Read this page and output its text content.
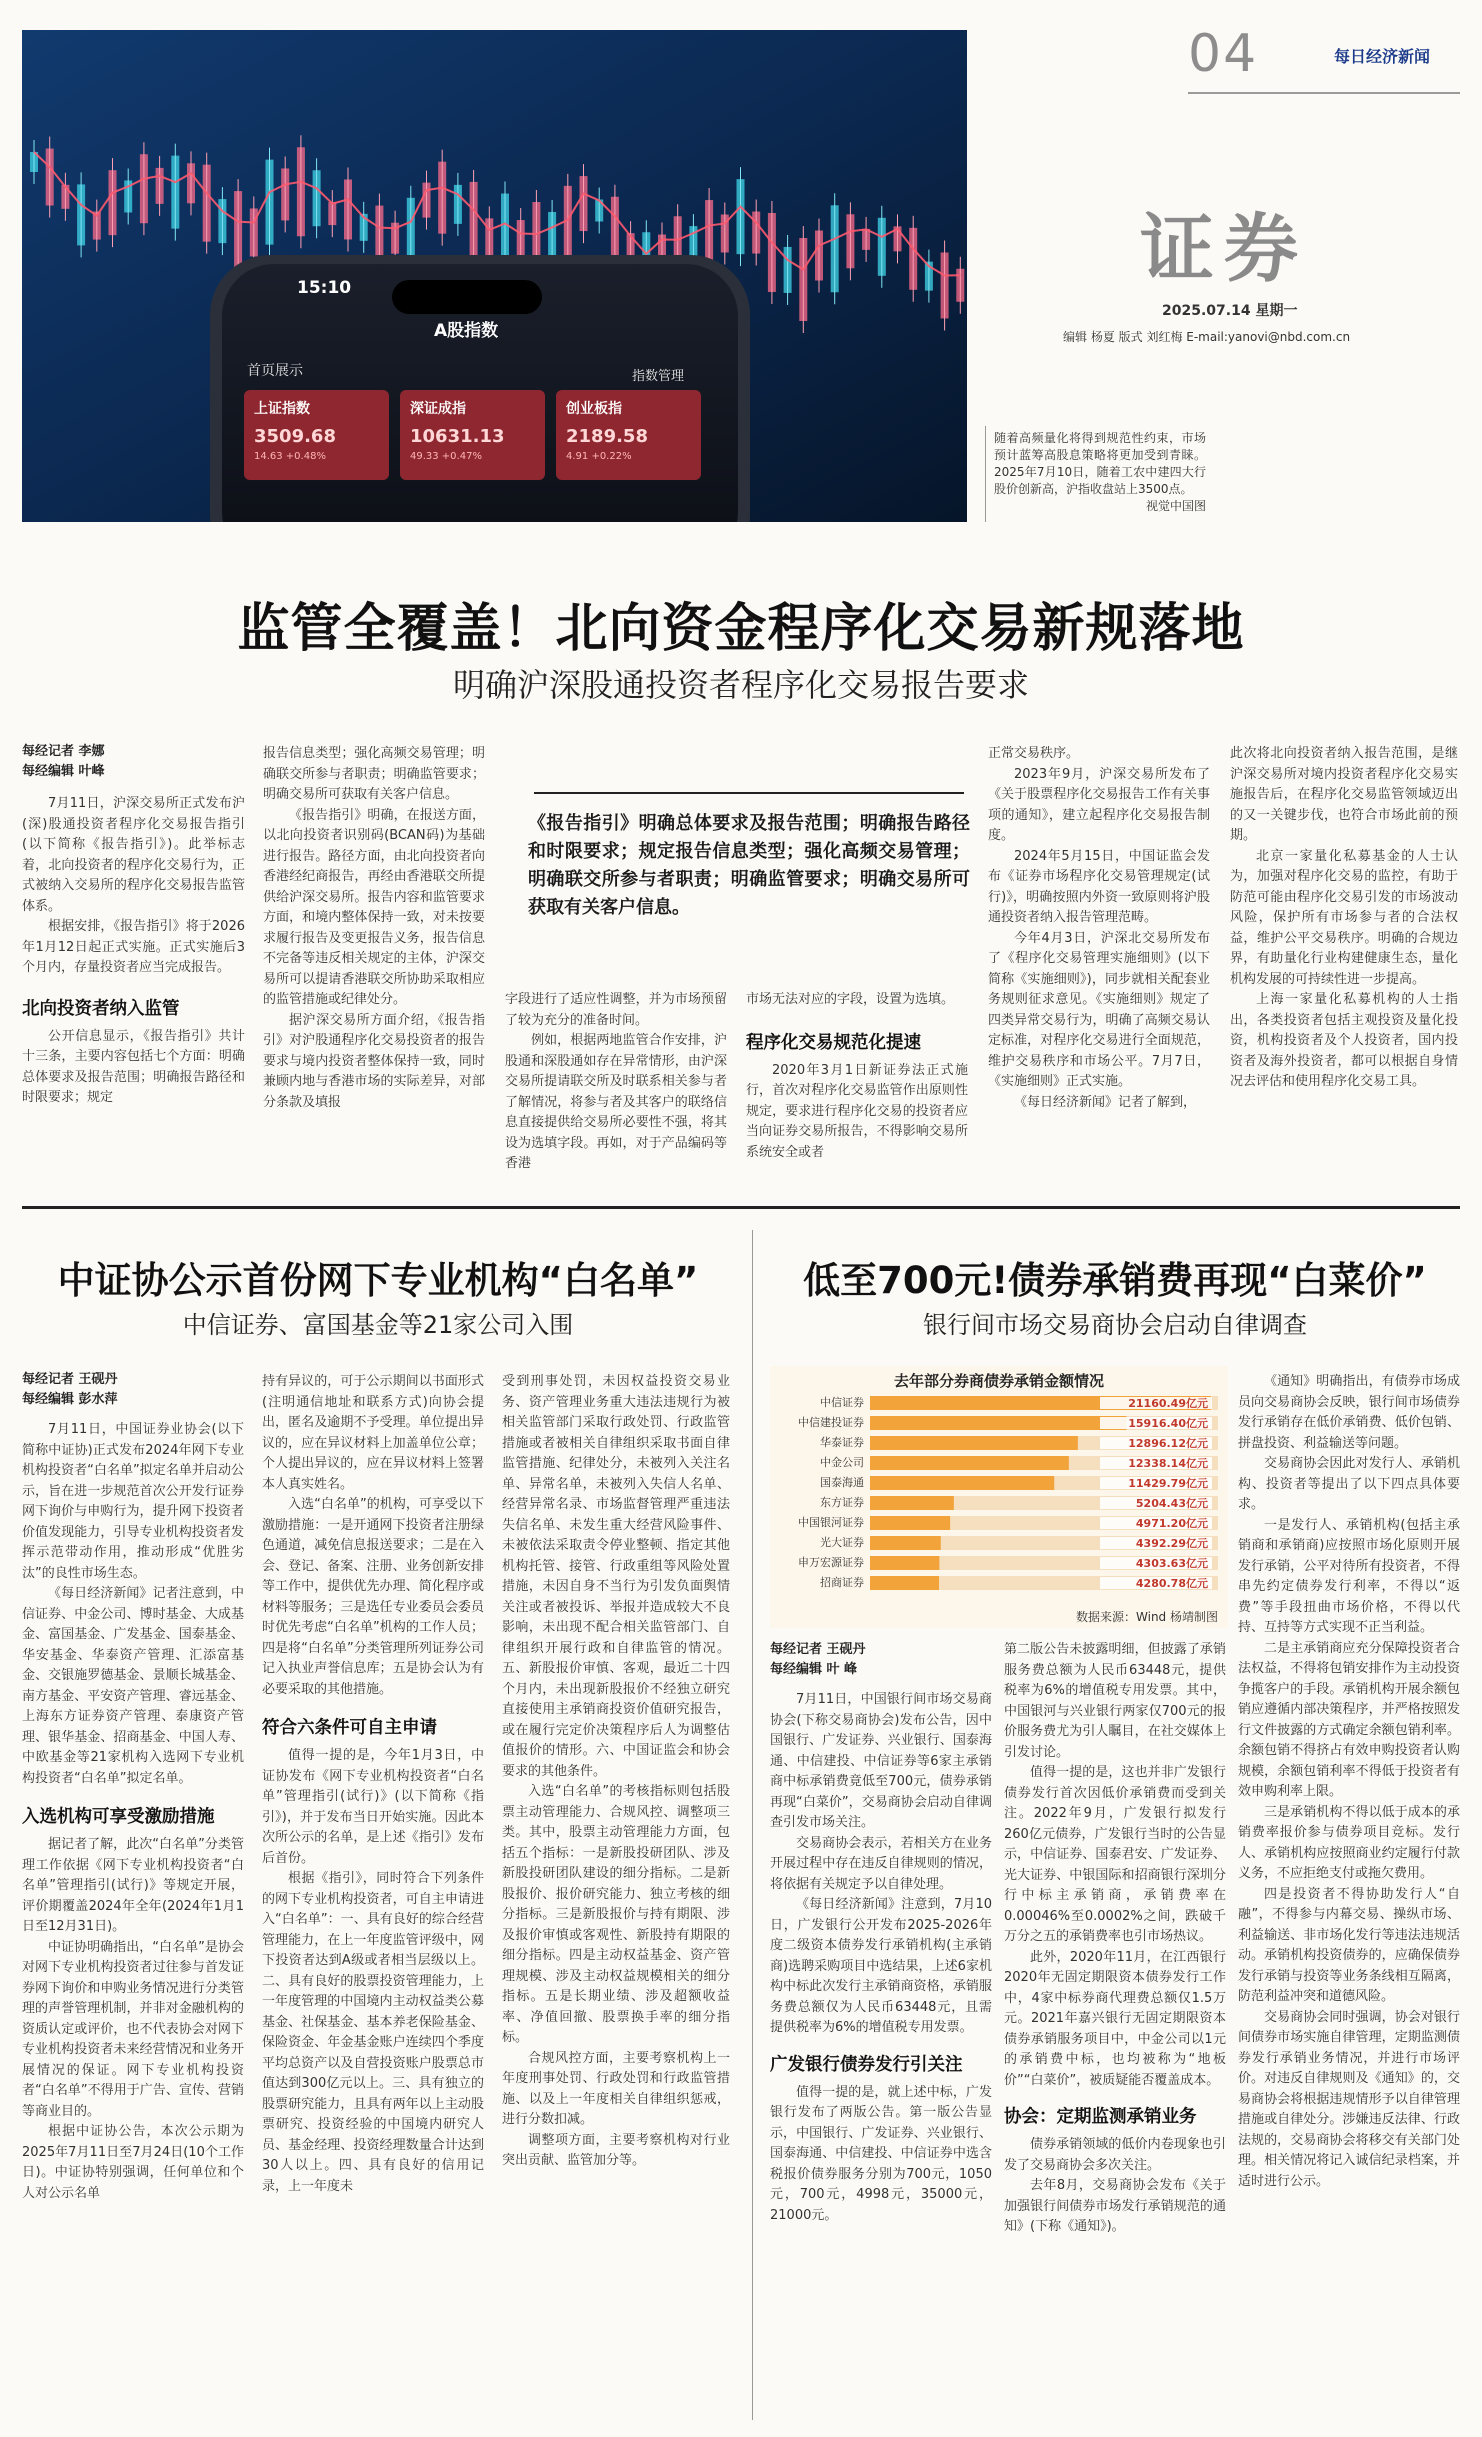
15:10
A股指数
首页展示	指数管理
上证指数
3509.68
14.63 +0.48%
深证成指
10631.13
49.33 +0.47%
创业板指
2189.58
4.91 +0.22%
04	每日经济新闻
证券
2025.07.14 星期一
编辑 杨夏 版式 刘红梅 E-mail:yanovi@nbd.com.cn
随着高频量化将得到规范性约束，市场预计蓝筹高股息策略将更加受到青睐。2025年7月10日，随着工农中建四大行股价创新高，沪指收盘站上3500点。
视觉中国图
监管全覆盖！北向资金程序化交易新规落地
明确沪深股通投资者程序化交易报告要求

每经记者 李娜

每经编辑 叶峰

7月11日，沪深交易所正式发布沪(深)股通投资者程序化交易报告指引(以下简称《报告指引》)。此举标志着，北向投资者的程序化交易行为，正式被纳入交易所的程序化交易报告监管体系。

根据安排，《报告指引》将于2026年1月12日起正式实施。正式实施后3个月内，存量投资者应当完成报告。

北向投资者纳入监管

公开信息显示，《报告指引》共计十三条，主要内容包括七个方面：明确总体要求及报告范围；明确报告路径和时限要求；规定

报告信息类型；强化高频交易管理；明确联交所参与者职责；明确监管要求；明确交易所可获取有关客户信息。

《报告指引》明确，在报送方面，以北向投资者识别码(BCAN码)为基础进行报告。路径方面，由北向投资者向香港经纪商报告，再经由香港联交所提供给沪深交易所。报告内容和监管要求方面，和境内整体保持一致，对未按要求履行报告及变更报告义务，报告信息不完备等违反相关规定的主体，沪深交易所可以提请香港联交所协助采取相应的监管措施或纪律处分。

据沪深交易所方面介绍，《报告指引》对沪股通程序化交易投资者的报告要求与境内投资者整体保持一致，同时兼顾内地与香港市场的实际差异，对部分条款及填报

《报告指引》明确总体要求及报告范围；明确报告路径和时限要求；规定报告信息类型；强化高频交易管理；明确联交所参与者职责；明确监管要求；明确交易所可获取有关客户信息。

字段进行了适应性调整，并为市场预留了较为充分的准备时间。

例如，根据两地监管合作安排，沪股通和深股通如存在异常情形，由沪深交易所提请联交所及时联系相关参与者了解情况，将参与者及其客户的联络信息直接提供给交易所必要性不强，将其设为选填字段。再如，对于产品编码等香港

市场无法对应的字段，设置为选填。

程序化交易规范化提速

2020年3月1日新证券法正式施行，首次对程序化交易监管作出原则性规定，要求进行程序化交易的投资者应当向证券交易所报告，不得影响交易所系统安全或者

正常交易秩序。

2023年9月，沪深交易所发布了《关于股票程序化交易报告工作有关事项的通知》，建立起程序化交易报告制度。

2024年5月15日，中国证监会发布《证券市场程序化交易管理规定(试行)》，明确按照内外资一致原则将沪股通投资者纳入报告管理范畴。

今年4月3日，沪深北交易所发布了《程序化交易管理实施细则》(以下简称《实施细则》)，同步就相关配套业务规则征求意见。《实施细则》规定了四类异常交易行为，明确了高频交易认定标准，对程序化交易进行全面规范，维护交易秩序和市场公平。7月7日，《实施细则》正式实施。

《每日经济新闻》记者了解到，

此次将北向投资者纳入报告范围，是继沪深交易所对境内投资者程序化交易实施报告后，在程序化交易监管领域迈出的又一关键步伐，也符合市场此前的预期。

北京一家量化私募基金的人士认为，加强对程序化交易的监控，有助于防范可能由程序化交易引发的市场波动风险，保护所有市场参与者的合法权益，维护公平交易秩序。明确的合规边界，有助量化行业构建健康生态，量化机构发展的可持续性进一步提高。

上海一家量化私募机构的人士指出，各类投资者包括主观投资及量化投资，机构投资者及个人投资者，国内投资者及海外投资者，都可以根据自身情况去评估和使用程序化交易工具。

中证协公示首份网下专业机构“白名单”
中信证券、富国基金等21家公司入围

每经记者 王砚丹

每经编辑 彭水萍

7月11日，中国证券业协会(以下简称中证协)正式发布2024年网下专业机构投资者“白名单”拟定名单并启动公示，旨在进一步规范首次公开发行证券网下询价与申购行为，提升网下投资者价值发现能力，引导专业机构投资者发挥示范带动作用，推动形成“优胜劣汰”的良性市场生态。

《每日经济新闻》记者注意到，中信证券、中金公司、博时基金、大成基金、富国基金、广发基金、国泰基金、华安基金、华泰资产管理、汇添富基金、交银施罗德基金、景顺长城基金、南方基金、平安资产管理、睿远基金、上海东方证券资产管理、泰康资产管理、银华基金、招商基金、中国人寿、中欧基金等21家机构入选网下专业机构投资者“白名单”拟定名单。

入选机构可享受激励措施

据记者了解，此次“白名单”分类管理工作依据《网下专业机构投资者“白名单”管理指引(试行)》等规定开展，评价期覆盖2024年全年(2024年1月1日至12月31日)。

中证协明确指出，“白名单”是协会对网下专业机构投资者过往参与首发证券网下询价和申购业务情况进行分类管理的声誉管理机制，并非对金融机构的资质认定或评价，也不代表协会对网下专业机构投资者未来经营情况和业务开展情况的保证。网下专业机构投资者“白名单”不得用于广告、宣传、营销等商业目的。

根据中证协公告，本次公示期为2025年7月11日至7月24日(10个工作日)。中证协特别强调，任何单位和个人对公示名单

持有异议的，可于公示期间以书面形式(注明通信地址和联系方式)向协会提出，匿名及逾期不予受理。单位提出异议的，应在异议材料上加盖单位公章；个人提出异议的，应在异议材料上签署本人真实姓名。

入选“白名单”的机构，可享受以下激励措施：一是开通网下投资者注册绿色通道，减免信息报送要求；二是在入会、登记、备案、注册、业务创新安排等工作中，提供优先办理、简化程序或材料等服务；三是选任专业委员会委员时优先考虑“白名单”机构的工作人员；四是将“白名单”分类管理所列证券公司记入执业声誉信息库；五是协会认为有必要采取的其他措施。

符合六条件可自主申请

值得一提的是，今年1月3日，中证协发布《网下专业机构投资者“白名单”管理指引(试行)》(以下简称《指引》)，并于发布当日开始实施。因此本次所公示的名单，是上述《指引》发布后首份。

根据《指引》，同时符合下列条件的网下专业机构投资者，可自主申请进入“白名单”：一、具有良好的综合经营管理能力，在上一年度监管评级中，网下投资者达到A级或者相当层级以上。二、具有良好的股票投资管理能力，上一年度管理的中国境内主动权益类公募基金、社保基金、基本养老保险基金、保险资金、年金基金账户连续四个季度平均总资产以及自营投资账户股票总市值达到300亿元以上。三、具有独立的股票研究能力，且具有两年以上主动股票研究、投资经验的中国境内研究人员、基金经理、投资经理数量合计达到30人以上。四、具有良好的信用记录，上一年度未

受到刑事处罚，未因权益投资交易业务、资产管理业务重大违法违规行为被相关监管部门采取行政处罚、行政监管措施或者被相关自律组织采取书面自律监管措施、纪律处分，未被列入关注名单、异常名单，未被列入失信人名单、经营异常名录、市场监督管理严重违法失信名单、未发生重大经营风险事件、未被依法采取责令停业整顿、指定其他机构托管、接管、行政重组等风险处置措施，未因自身不当行为引发负面舆情关注或者被投诉、举报并造成较大不良影响，未出现不配合相关监管部门、自律组织开展行政和自律监管的情况。五、新股报价审慎、客观，最近二十四个月内，未出现新股报价不经独立研究直接使用主承销商投资价值研究报告，或在履行完定价决策程序后人为调整估值报价的情形。六、中国证监会和协会要求的其他条件。

入选“白名单”的考核指标则包括股票主动管理能力、合规风控、调整项三类。其中，股票主动管理能力方面，包括五个指标：一是新股投研团队、涉及新股投研团队建设的细分指标。二是新股报价、报价研究能力、独立考核的细分指标。三是新股报价与持有期限、涉及报价审慎或客观性、新股持有期限的细分指标。四是主动权益基金、资产管理规模、涉及主动权益规模相关的细分指标。五是长期业绩、涉及超额收益率、净值回撤、股票换手率的细分指标。

合规风控方面，主要考察机构上一年度刑事处罚、行政处罚和行政监管措施、以及上一年度相关自律组织惩戒，进行分数扣减。

调整项方面，主要考察机构对行业突出贡献、监管加分等。

低至700元!债券承销费再现“白菜价”
银行间市场交易商协会启动自律调查
去年部分券商债券承销金额情况
中信证券	21160.49亿元
中信建投证券	15916.40亿元
华泰证券	12896.12亿元
中金公司	12338.14亿元
国泰海通	11429.79亿元
东方证券	5204.43亿元
中国银河证券	4971.20亿元
光大证券	4392.29亿元
申万宏源证券	4303.63亿元
招商证券	4280.78亿元
数据来源：Wind 杨靖制图

每经记者 王砚丹

每经编辑 叶 峰

7月11日，中国银行间市场交易商协会(下称交易商协会)发布公告，因中国银行、广发证券、兴业银行、国泰海通、中信建投、中信证券等6家主承销商中标承销费竟低至700元，债券承销再现“白菜价”，交易商协会启动自律调查引发市场关注。

交易商协会表示，若相关方在业务开展过程中存在违反自律规则的情况，将依据有关规定予以自律处理。

《每日经济新闻》注意到，7月10日，广发银行公开发布2025-2026年度二级资本债券发行承销机构(主承销商)选聘采购项目中选结果，上述6家机构中标此次发行主承销商资格，承销服务费总额仅为人民币63448元，且需提供税率为6%的增值税专用发票。

广发银行债券发行引关注

值得一提的是，就上述中标，广发银行发布了两版公告。第一版公告显示，中国银行、广发证券、兴业银行、国泰海通、中信建投、中信证券中选含税报价债券服务分别为700元，1050元，700元，4998元，35000元，21000元。

第二版公告未披露明细，但披露了承销服务费总额为人民币63448元，提供税率为6%的增值税专用发票。其中，中国银河与兴业银行两家仅700元的报价服务费尤为引人瞩目，在社交媒体上引发讨论。

值得一提的是，这也并非广发银行债券发行首次因低价承销费而受到关注。2022年9月，广发银行拟发行260亿元债券，广发银行当时的公告显示，中信证券、国泰君安、广发证券、光大证券、中银国际和招商银行深圳分行中标主承销商，承销费率在0.00046%至0.0002%之间，跌破千万分之五的承销费率也引市场热议。

此外，2020年11月，在江西银行2020年无固定期限资本债券发行工作中，4家中标券商代理费总额仅1.5万元。2021年嘉兴银行无固定期限资本债券承销服务项目中，中金公司以1元的承销费中标，也均被称为“地板价”“白菜价”，被质疑能否覆盖成本。

协会：定期监测承销业务

债券承销领域的低价内卷现象也引发了交易商协会多次关注。

去年8月，交易商协会发布《关于加强银行间债券市场发行承销规范的通知》(下称《通知》)。

《通知》明确指出，有债券市场成员向交易商协会反映，银行间市场债券发行承销存在低价承销费、低价包销、拼盘投资、利益输送等问题。

交易商协会因此对发行人、承销机构、投资者等提出了以下四点具体要求。

一是发行人、承销机构(包括主承销商和承销商)应按照市场化原则开展发行承销，公平对待所有投资者，不得串先约定债券发行利率，不得以“返费”等手段扭曲市场价格，不得以代持、互持等方式实现不正当利益。

二是主承销商应充分保障投资者合法权益，不得将包销安排作为主动投资争揽客户的手段。承销机构开展余额包销应遵循内部决策程序，并严格按照发行文件披露的方式确定余额包销利率。余额包销不得挤占有效申购投资者认购规模，余额包销利率不得低于投资者有效申购利率上限。

三是承销机构不得以低于成本的承销费率报价参与债券项目竞标。发行人、承销机构应按照商业约定履行付款义务，不应拒绝支付或拖欠费用。

四是投资者不得协助发行人“自融”，不得参与内幕交易、操纵市场、利益输送、非市场化发行等违法违规活动。承销机构投资债券的，应确保债券发行承销与投资等业务条线相互隔离，防范利益冲突和道德风险。

交易商协会同时强调，协会对银行间债券市场实施自律管理，定期监测债券发行承销业务情况，并进行市场评价。对违反自律规则及《通知》的，交易商协会将根据违规情形予以自律管理措施或自律处分。涉嫌违反法律、行政法规的，交易商协会将移交有关部门处理。相关情况将记入诚信纪录档案，并适时进行公示。
